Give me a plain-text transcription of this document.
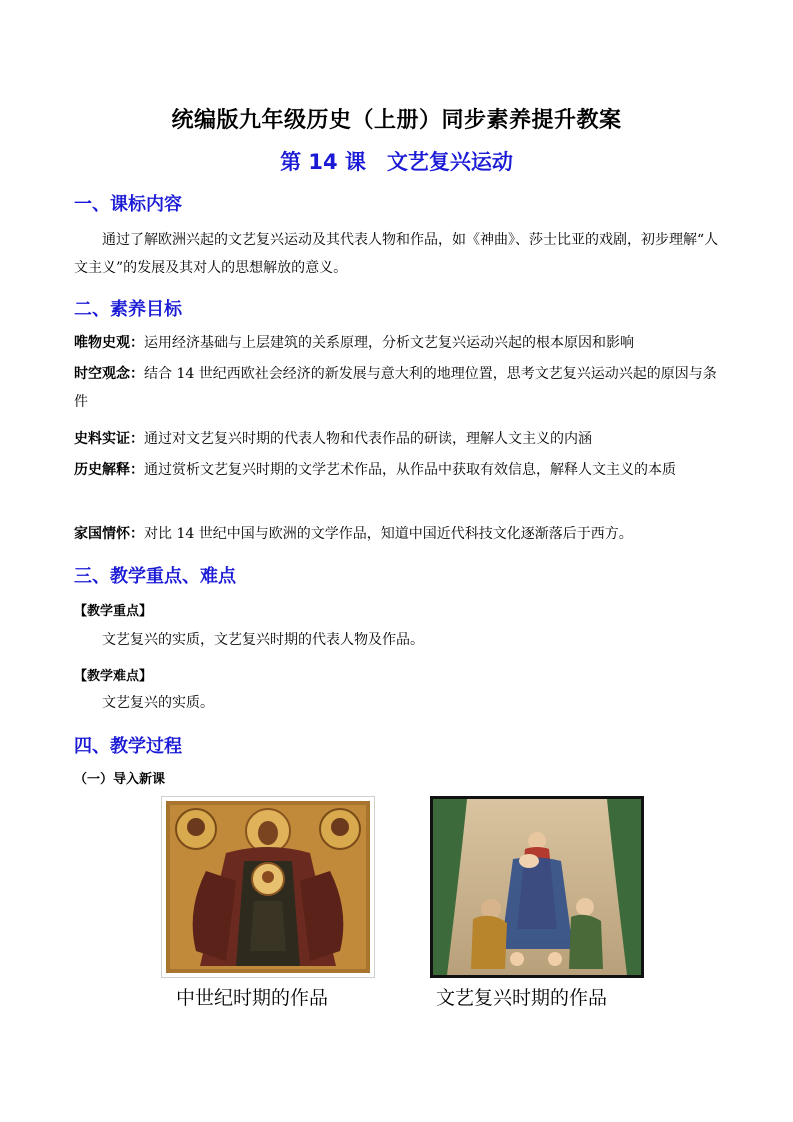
统编版九年级历史（上册）同步素养提升教案
第 14 课　文艺复兴运动
一、课标内容
通过了解欧洲兴起的文艺复兴运动及其代表人物和作品，如《神曲》、莎士比亚的戏剧，初步理解“人文主义”的发展及其对人的思想解放的意义。
二、素养目标
唯物史观：运用经济基础与上层建筑的关系原理，分析文艺复兴运动兴起的根本原因和影响
时空观念：结合 14 世纪西欧社会经济的新发展与意大利的地理位置，思考文艺复兴运动兴起的原因与条件
史料实证：通过对文艺复兴时期的代表人物和代表作品的研读，理解人文主义的内涵
历史解释：通过赏析文艺复兴时期的文学艺术作品，从作品中获取有效信息，解释人文主义的本质
家国情怀：对比 14 世纪中国与欧洲的文学作品，知道中国近代科技文化逐渐落后于西方。
三、教学重点、难点
【教学重点】
文艺复兴的实质，文艺复兴时期的代表人物及作品。
【教学难点】
文艺复兴的实质。
四、教学过程
（一）导入新课
中世纪时期的作品	文艺复兴时期的作品
